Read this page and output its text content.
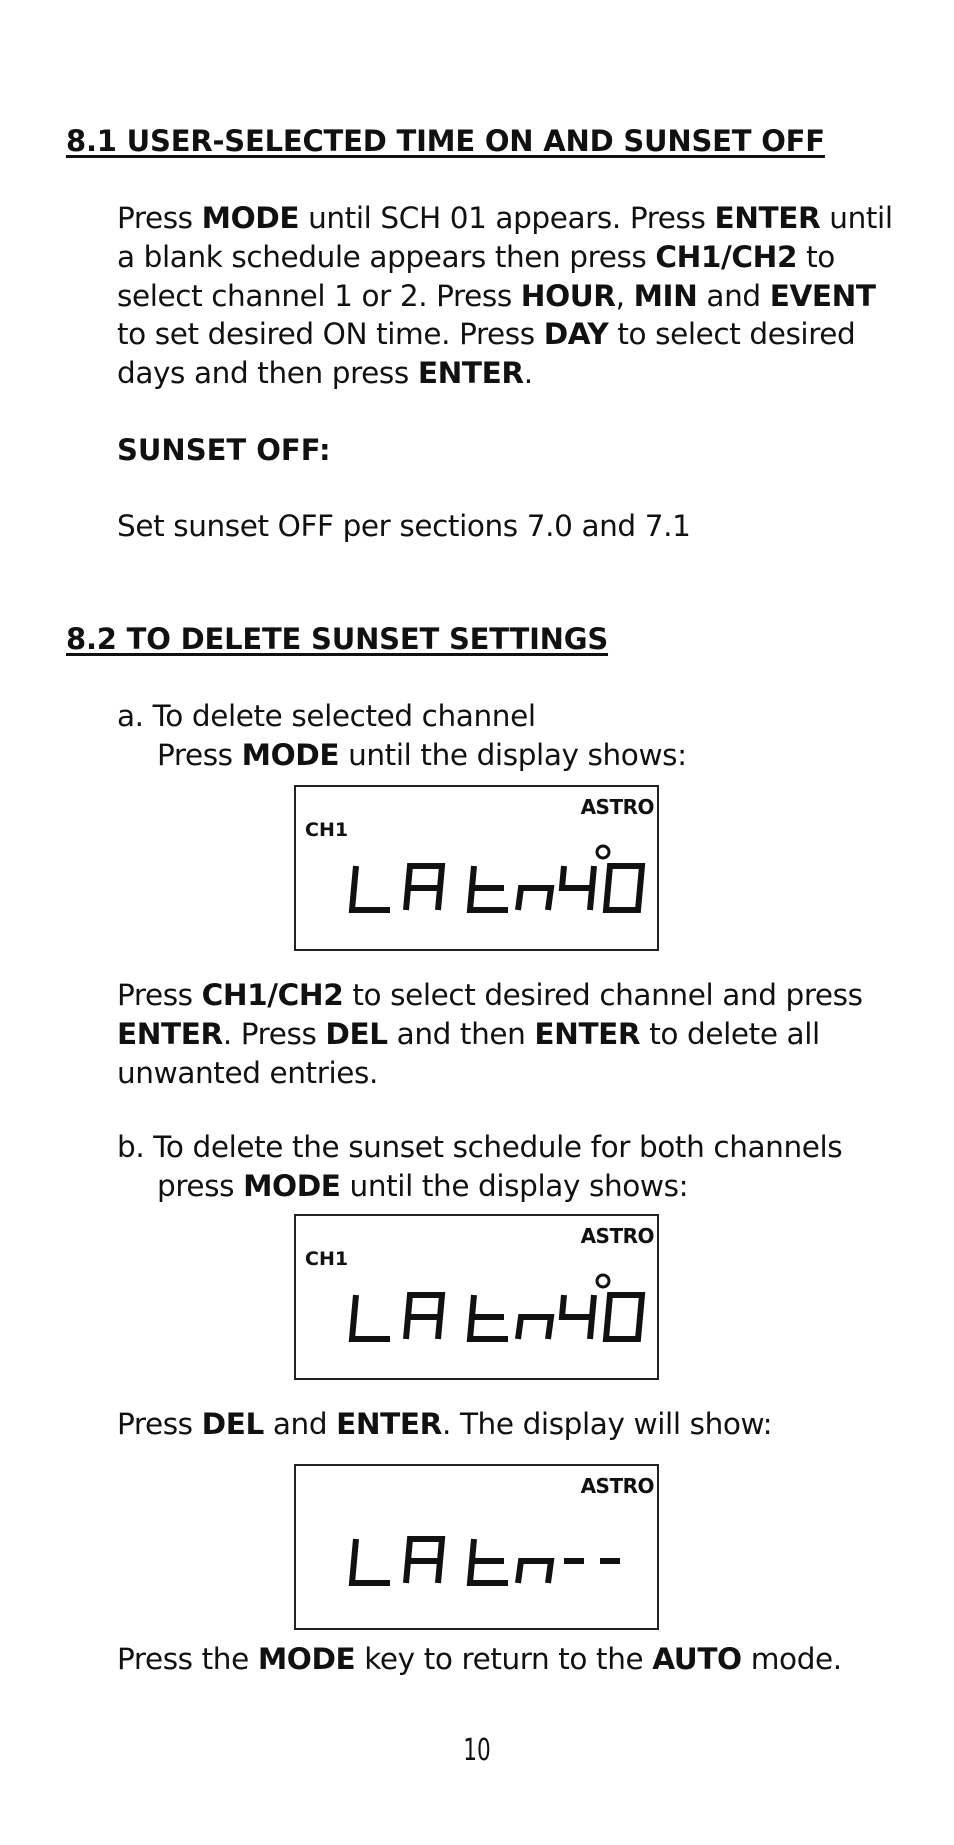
8.1 USER-SELECTED TIME ON AND SUNSET OFF

Press MODE until SCH 01 appears. Press ENTER until a blank schedule appears then press CH1/CH2 to select channel 1 or 2. Press HOUR, MIN and EVENT to set desired ON time. Press DAY to select desired days and then press ENTER.

SUNSET OFF:

Set sunset OFF per sections 7.0 and 7.1

8.2 TO DELETE SUNSET SETTINGS

a. To delete selected channel
Press MODE until the display shows:

ASTRO
CH1

Press CH1/CH2 to select desired channel and press ENTER. Press DEL and then ENTER to delete all unwanted entries.

b. To delete the sunset schedule for both channels
press MODE until the display shows:

ASTRO
CH1

Press DEL and ENTER. The display will show:

ASTRO

Press the MODE key to return to the AUTO mode.

10
